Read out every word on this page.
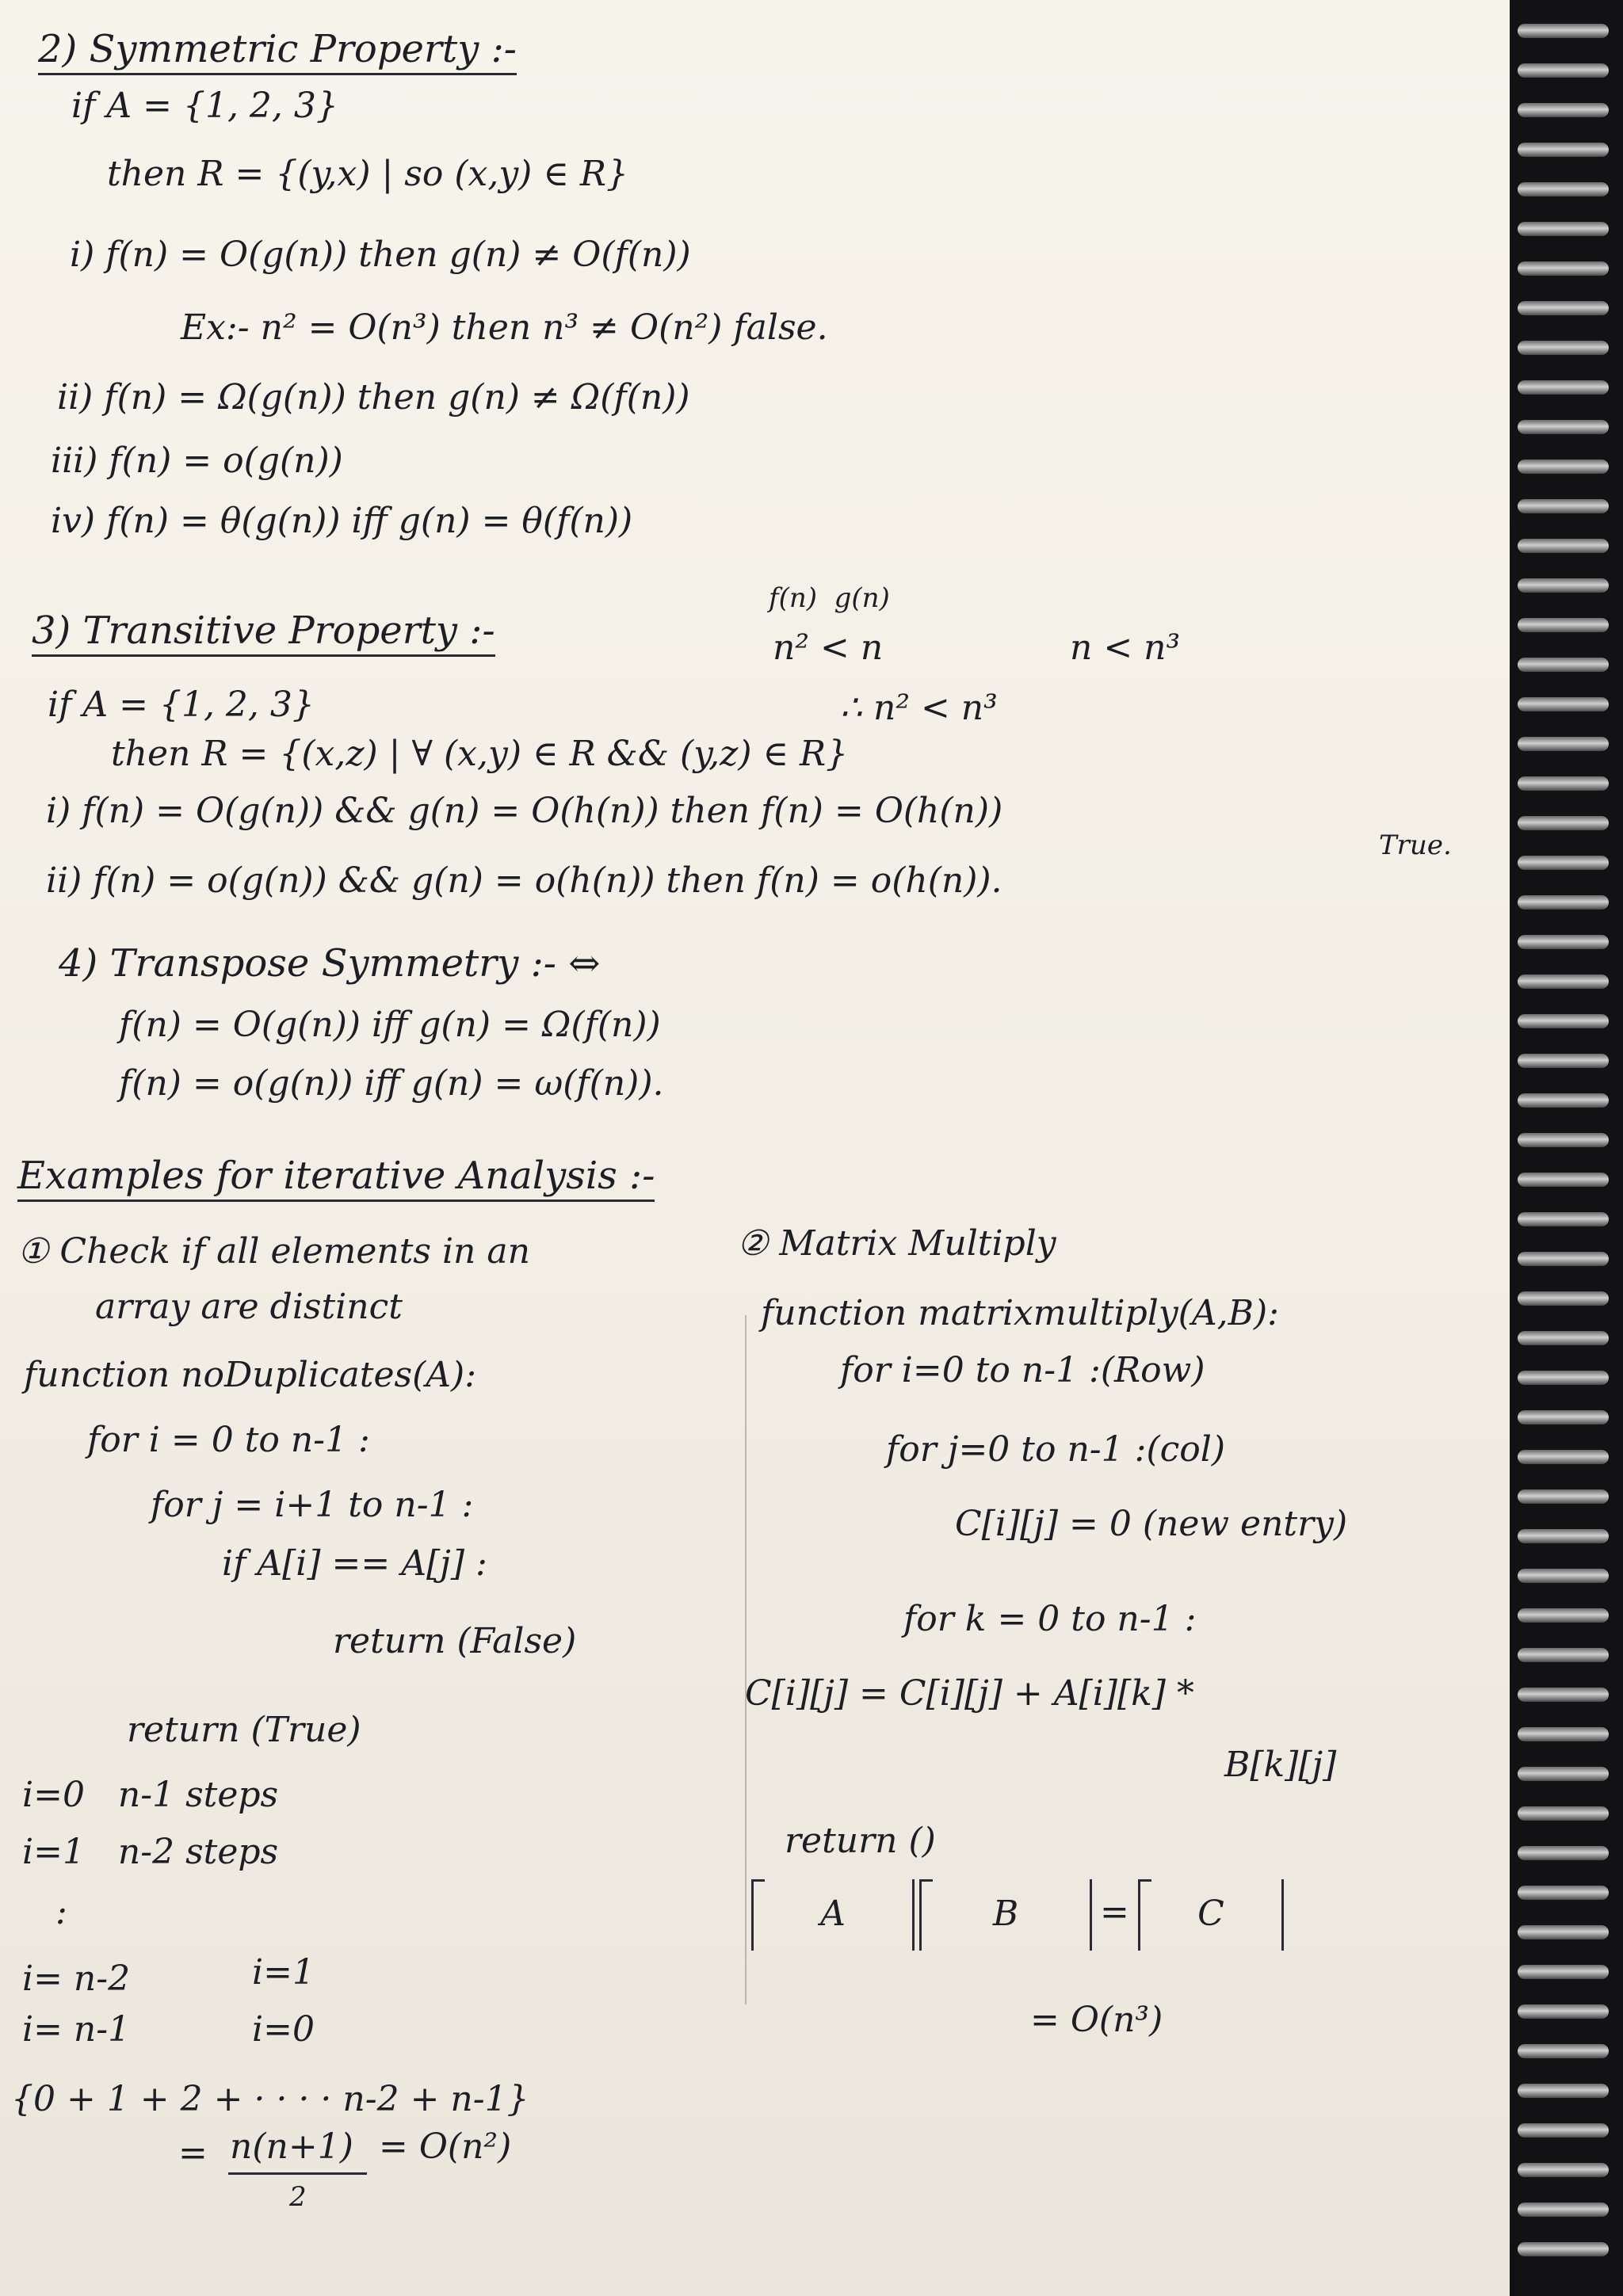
2) Symmetric Property :-
if A = {1, 2, 3}
then R = {(y,x) | so (x,y) ∈ R}
i) f(n) = O(g(n)) then g(n) ≠ O(f(n))
Ex:- n² = O(n³) then n³ ≠ O(n²) false.
ii) f(n) = Ω(g(n)) then g(n) ≠ Ω(f(n))
iii) f(n) = o(g(n))
iv) f(n) = θ(g(n)) iff g(n) = θ(f(n))
3) Transitive Property :-
f(n)  g(n)
n² < n	n < n³
∴ n² < n³
if A = {1, 2, 3}
then R = {(x,z) | ∀ (x,y) ∈ R && (y,z) ∈ R}
i) f(n) = O(g(n)) && g(n) = O(h(n)) then f(n) = O(h(n))
True.
ii) f(n) = o(g(n)) && g(n) = o(h(n)) then f(n) = o(h(n)).
4) Transpose Symmetry :- ⇔
f(n) = O(g(n)) iff g(n) = Ω(f(n))
f(n) = o(g(n)) iff g(n) = ω(f(n)).
Examples for iterative Analysis :-
① Check if all elements in an
array are distinct
function noDuplicates(A):
for i = 0 to n-1 :
for j = i+1 to n-1 :
if A[i] == A[j] :
return (False)
return (True)
i=0   n-1 steps
i=1   n-2 steps
:
i= n-2	i=1
i= n-1	i=0
{0 + 1 + 2 + · · · · n-2 + n-1}
= n(n+1)
2
= O(n²)
② Matrix Multiply
function matrixmultiply(A,B):
for i=0 to n-1 :(Row)
for j=0 to n-1 :(col)
C[i][j] = 0 (new entry)
for k = 0 to n-1 :
C[i][j] = C[i][j] + A[i][k] *
B[k][j]
return ()
A	B	=	C
= O(n³)
